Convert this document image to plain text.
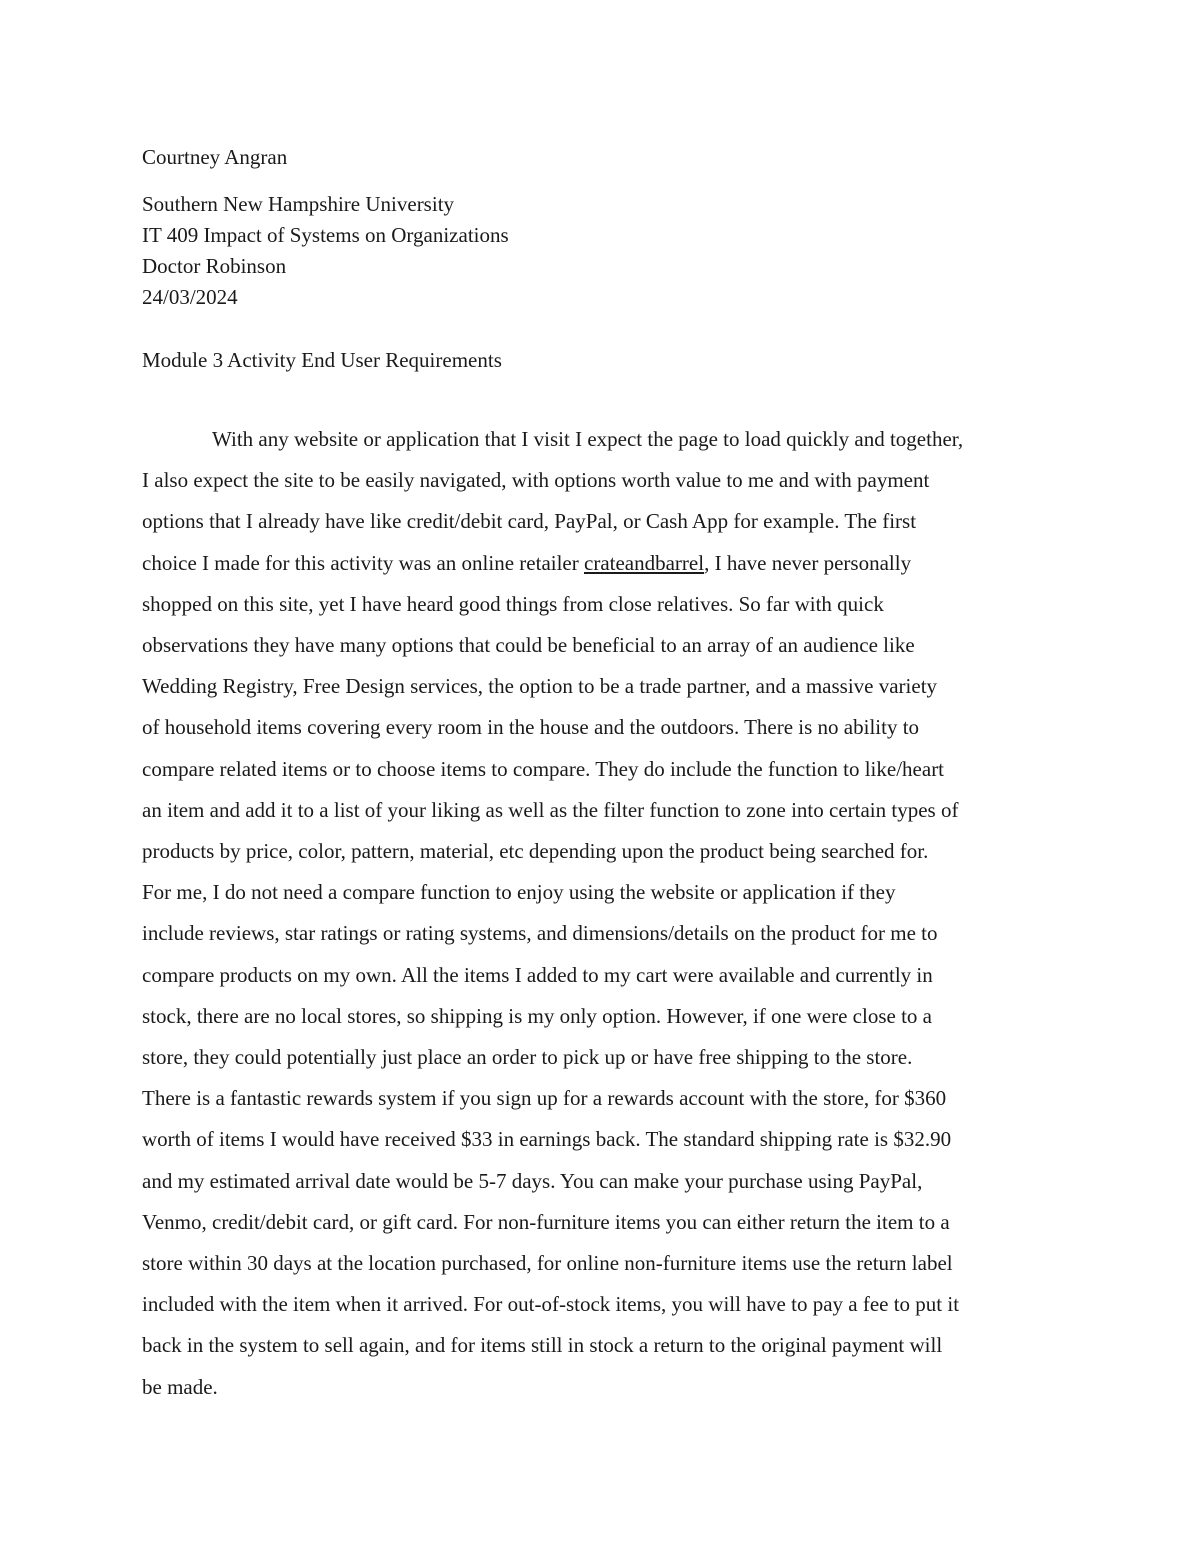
Courtney Angran
Southern New Hampshire University
IT 409 Impact of Systems on Organizations
Doctor Robinson
24/03/2024
Module 3 Activity End User Requirements
With any website or application that I visit I expect the page to load quickly and together,
I also expect the site to be easily navigated, with options worth value to me and with payment
options that I already have like credit/debit card, PayPal, or Cash App for example. The first
choice I made for this activity was an online retailer crateandbarrel, I have never personally
shopped on this site, yet I have heard good things from close relatives. So far with quick
observations they have many options that could be beneficial to an array of an audience like
Wedding Registry, Free Design services, the option to be a trade partner, and a massive variety
of household items covering every room in the house and the outdoors. There is no ability to
compare related items or to choose items to compare. They do include the function to like/heart
an item and add it to a list of your liking as well as the filter function to zone into certain types of
products by price, color, pattern, material, etc depending upon the product being searched for.
For me, I do not need a compare function to enjoy using the website or application if they
include reviews, star ratings or rating systems, and dimensions/details on the product for me to
compare products on my own. All the items I added to my cart were available and currently in
stock, there are no local stores, so shipping is my only option. However, if one were close to a
store, they could potentially just place an order to pick up or have free shipping to the store.
There is a fantastic rewards system if you sign up for a rewards account with the store, for $360
worth of items I would have received $33 in earnings back. The standard shipping rate is $32.90
and my estimated arrival date would be 5-7 days. You can make your purchase using PayPal,
Venmo, credit/debit card, or gift card. For non-furniture items you can either return the item to a
store within 30 days at the location purchased, for online non-furniture items use the return label
included with the item when it arrived. For out-of-stock items, you will have to pay a fee to put it
back in the system to sell again, and for items still in stock a return to the original payment will
be made.
